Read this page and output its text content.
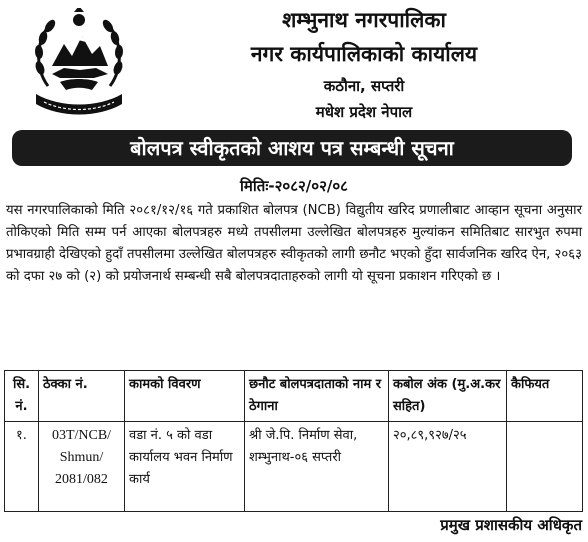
शम्भुनाथ नगरपालिका
नगर कार्यपालिकाको कार्यालय
कठौना, सप्तरी
मधेश प्रदेश नेपाल
बोलपत्र स्वीकृतको आशय पत्र सम्बन्धी सूचना
मितिः-२०८२/०२/०८

यस नगरपालिकाको मिति २०८१/१२/१६ गते प्रकाशित बोलपत्र (NCB) विद्युतीय खरिद प्रणालीबाट आव्हान सूचना अनुसार तोकिएको मिति सम्म पर्न आएका बोलपत्रहरु मध्ये तपसीलमा उल्लेखित बोलपत्रहरु मुल्यांकन समितिबाट सारभुत रुपमा प्रभावग्राही देखिएको हुदाँ तपसीलमा उल्लेखित बोलपत्रहरु स्वीकृतको लागी छनौट भएको हुँदा सार्वजनिक खरिद ऐन, २०६३ को दफा २७ को (२) को प्रयोजनार्थ सम्बन्धी सबै बोलपत्रदाताहरुको लागी यो सूचना प्रकाशन गरिएको छ ।

सि. नं.	ठेक्का नं.	कामको विवरण	छनौट बोलपत्रदाताको नाम र ठेगाना	कबोल अंक (मु.अ.कर सहित)	कैफियत
१.	03T/NCB/ Shmun/ 2081/082	वडा नं. ५ को वडा कार्यालय भवन निर्माण कार्य	श्री जे.पि. निर्माण सेवा, शम्भुनाथ-०६ सप्तरी	२०,८९,९२७/२५	
प्रमुख प्रशासकीय अधिकृत
